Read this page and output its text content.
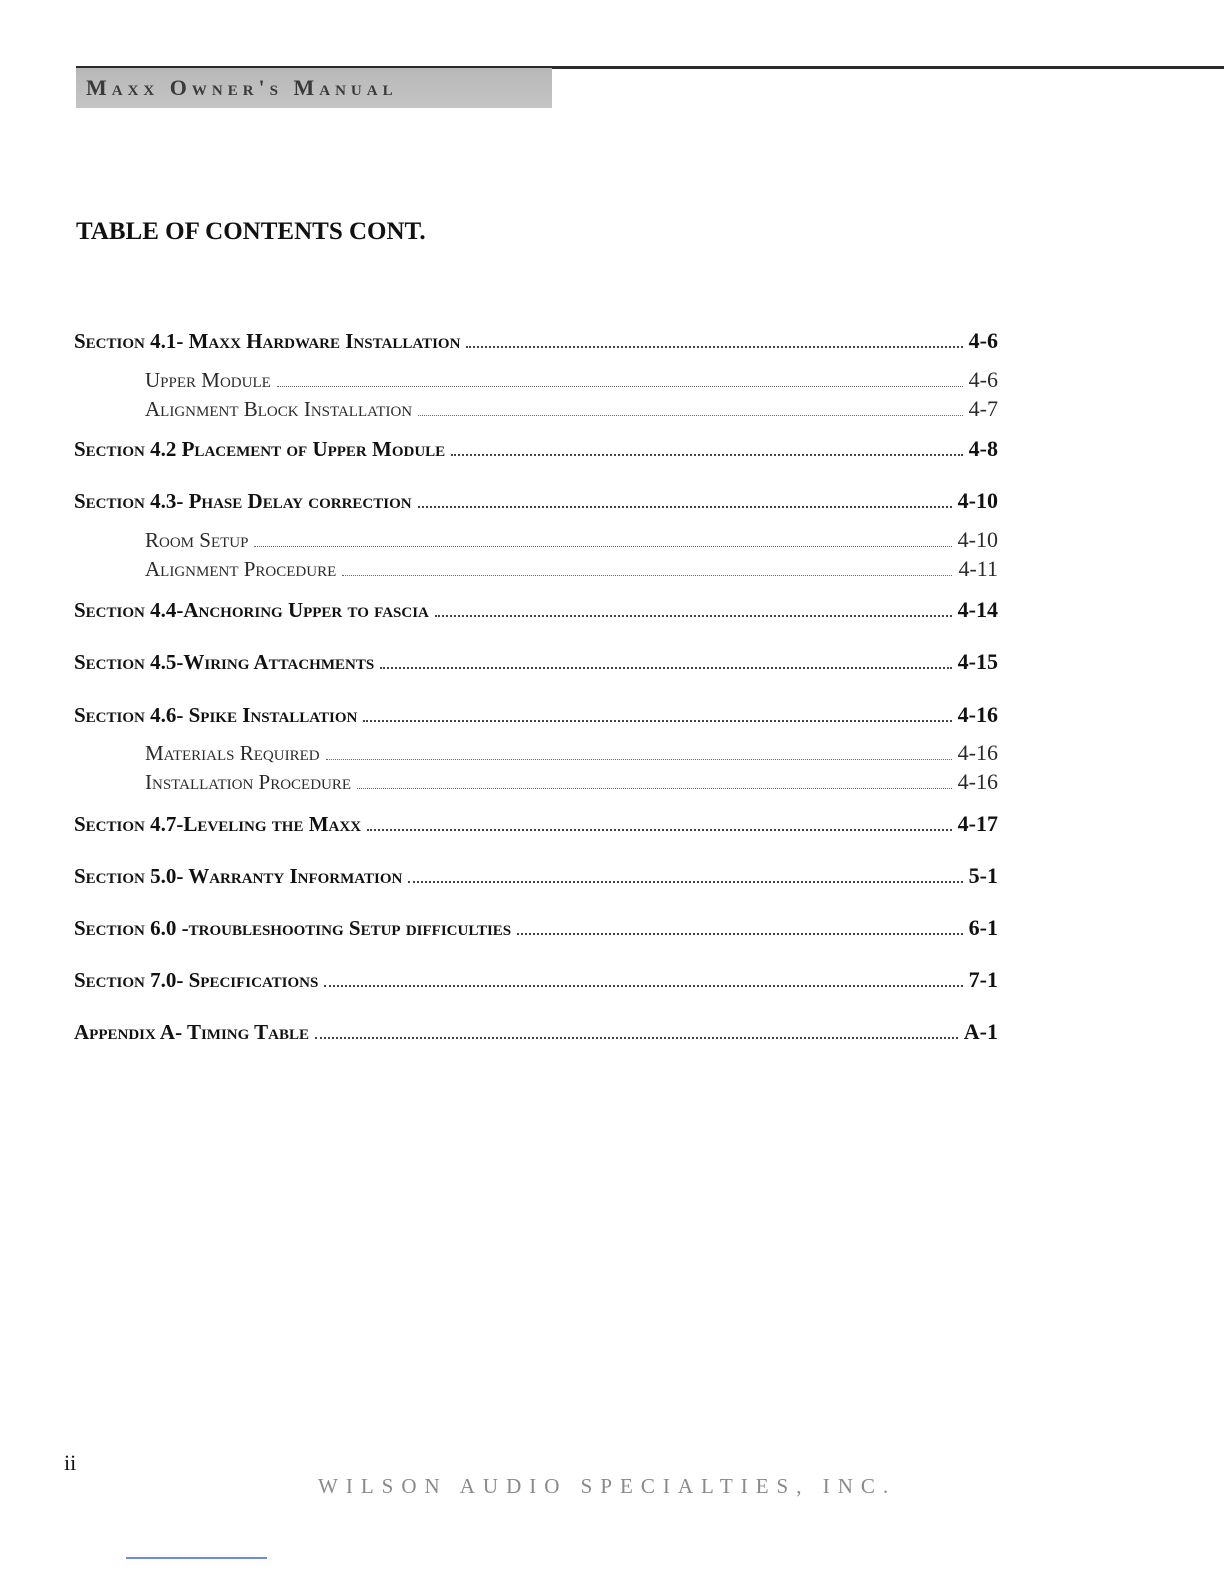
Maxx Owner's Manual
TABLE OF CONTENTS CONT.
Section 4.1- Maxx Hardware Installation	4-6
Upper Module	4-6
Alignment Block Installation	4-7
Section 4.2 Placement of Upper Module	4-8
Section 4.3- Phase Delay correction	4-10
Room Setup	4-10
Alignment Procedure	4-11
Section 4.4-Anchoring Upper to fascia	4-14
Section 4.5-Wiring Attachments	4-15
Section 4.6- Spike Installation	4-16
Materials Required	4-16
Installation Procedure	4-16
Section 4.7-Leveling the Maxx	4-17
Section 5.0- Warranty Information	5-1
Section 6.0 -troubleshooting Setup difficulties	6-1
Section 7.0- Specifications	7-1
Appendix A- Timing Table	A-1
ii
WILSON AUDIO SPECIALTIES, INC.
